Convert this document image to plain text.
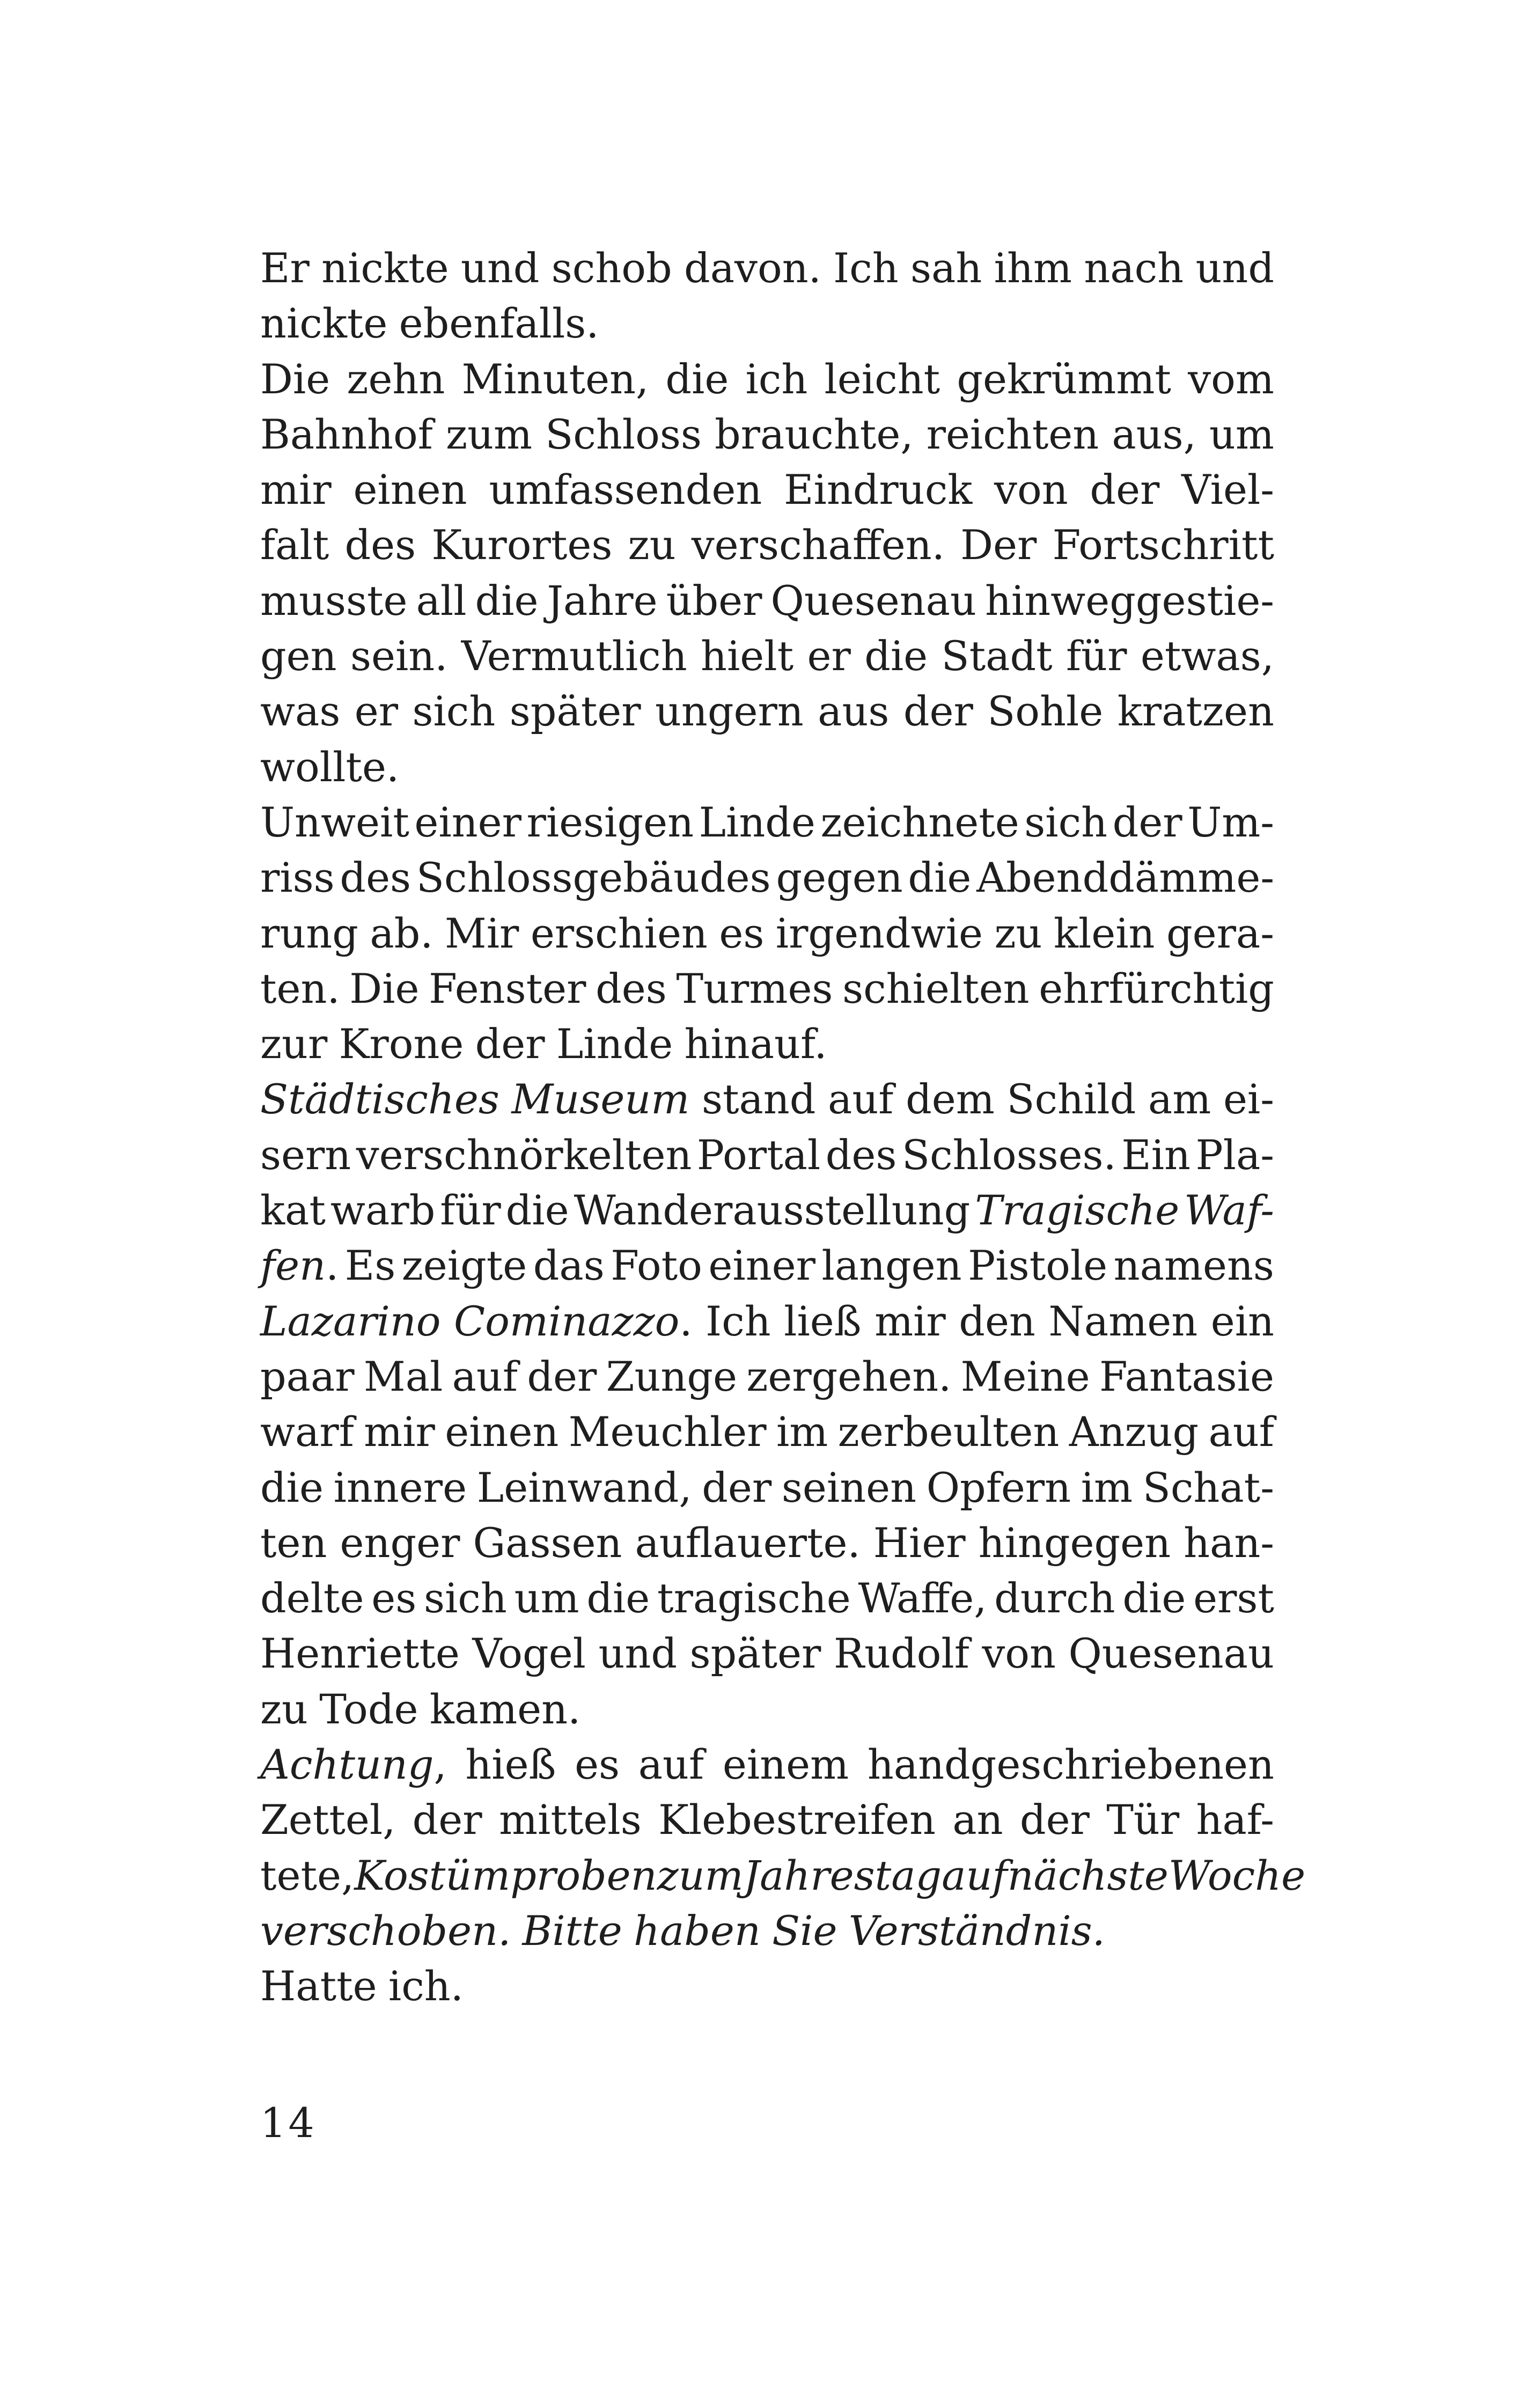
Er nickte und schob davon. Ich sah ihm nach und
nickte ebenfalls.
Die zehn Minuten, die ich leicht gekrümmt vom
Bahnhof zum Schloss brauchte, reichten aus, um
mir einen umfassenden Eindruck von der Viel-
falt des Kurortes zu verschaffen. Der Fortschritt
musste all die Jahre über Quesenau hinweggestie-
gen sein. Vermutlich hielt er die Stadt für etwas,
was er sich später ungern aus der Sohle kratzen
wollte.
Unweit einer riesigen Linde zeichnete sich der Um-
riss des Schlossgebäudes gegen die Abenddämme-
rung ab. Mir erschien es irgendwie zu klein gera-
ten. Die Fenster des Turmes schielten ehrfürchtig
zur Krone der Linde hinauf.
Städtisches Museum stand auf dem Schild am ei-
sern verschnörkelten Portal des Schlosses. Ein Pla-
kat warb für die Wanderausstellung Tragische Waf-
fen. Es zeigte das Foto einer langen Pistole namens
Lazarino Cominazzo. Ich ließ mir den Namen ein
paar Mal auf der Zunge zergehen. Meine Fantasie
warf mir einen Meuchler im zerbeulten Anzug auf
die innere Leinwand, der seinen Opfern im Schat-
ten enger Gassen auflauerte. Hier hingegen han-
delte es sich um die tragische Waffe, durch die erst
Henriette Vogel und später Rudolf von Quesenau
zu Tode kamen.
Achtung, hieß es auf einem handgeschriebenen
Zettel, der mittels Klebestreifen an der Tür haf-
tete, Kostümproben zum Jahrestag auf nächste Woche
verschoben. Bitte haben Sie Verständnis.
Hatte ich.
14
